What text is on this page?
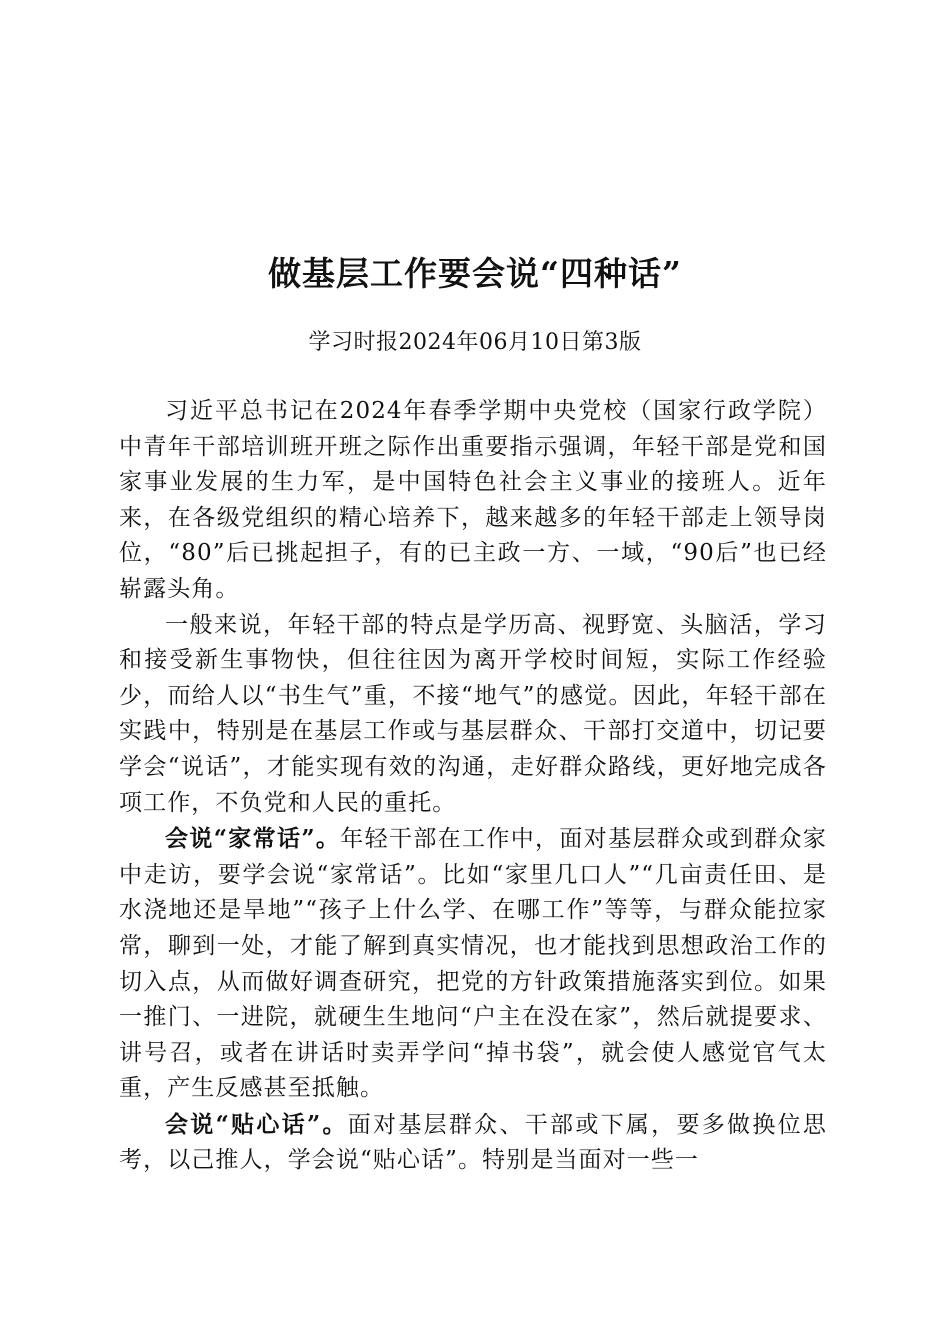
做基层工作要会说“四种话”
学习时报2024年06月10日第3版

习近平总书记在2024年春季学期中央党校（国家行政学院）中青年干部培训班开班之际作出重要指示强调，年轻干部是党和国家事业发展的生力军，是中国特色社会主义事业的接班人。近年来，在各级党组织的精心培养下，越来越多的年轻干部走上领导岗位，“80”后已挑起担子，有的已主政一方、一域，“90后”也已经崭露头角。

一般来说，年轻干部的特点是学历高、视野宽、头脑活，学习和接受新生事物快，但往往因为离开学校时间短，实际工作经验少，而给人以“书生气”重，不接“地气”的感觉。因此，年轻干部在实践中，特别是在基层工作或与基层群众、干部打交道中，切记要学会“说话”，才能实现有效的沟通，走好群众路线，更好地完成各项工作，不负党和人民的重托。

会说“家常话”。年轻干部在工作中，面对基层群众或到群众家中走访，要学会说“家常话”。比如“家里几口人”“几亩责任田、是水浇地还是旱地”“孩子上什么学、在哪工作”等等，与群众能拉家常，聊到一处，才能了解到真实情况，也才能找到思想政治工作的切入点，从而做好调查研究，把党的方针政策措施落实到位。如果一推门、一进院，就硬生生地问“户主在没在家”，然后就提要求、讲号召，或者在讲话时卖弄学问“掉书袋”，就会使人感觉官气太重，产生反感甚至抵触。

会说“贴心话”。面对基层群众、干部或下属，要多做换位思考，以己推人，学会说“贴心话”。特别是当面对一些一
